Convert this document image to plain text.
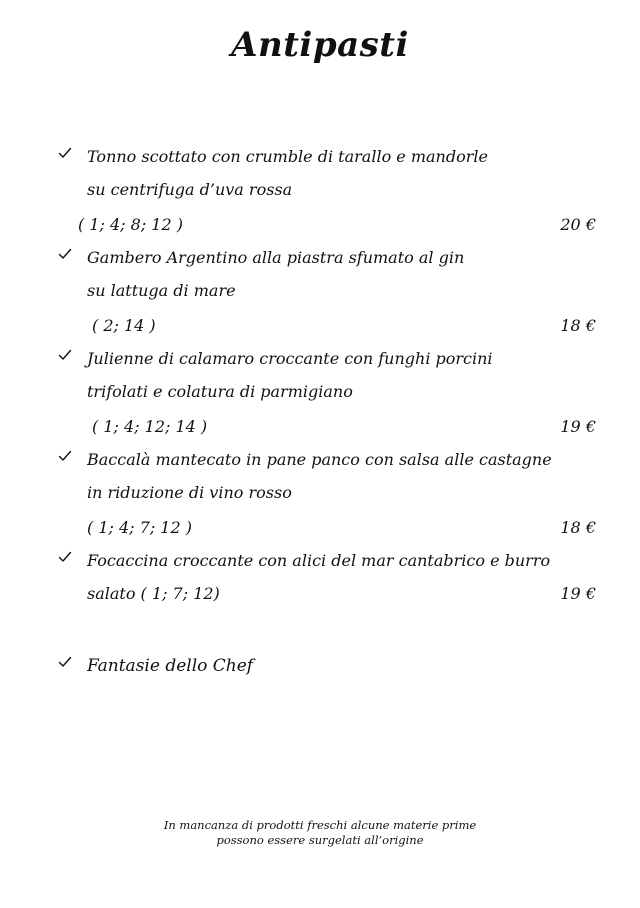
Antipasti
Tonno scottato con crumble di tarallo e mandorle
su centrifuga d’uva rossa
( 1; 4; 8; 12 )	20 €
Gambero Argentino alla piastra sfumato al gin
su lattuga di mare
( 2; 14 )	18 €
Julienne di calamaro croccante con funghi porcini
trifolati e colatura di parmigiano
( 1; 4; 12; 14 )	19 €
Baccalà mantecato in pane panco con salsa alle castagne
in riduzione di vino rosso
( 1; 4; 7; 12 )	18 €
Focaccina croccante con alici del mar cantabrico e burro
salato ( 1; 7; 12)	19 €
Fantasie dello Chef
In mancanza di prodotti freschi alcune materie prime
possono essere surgelati all’origine
